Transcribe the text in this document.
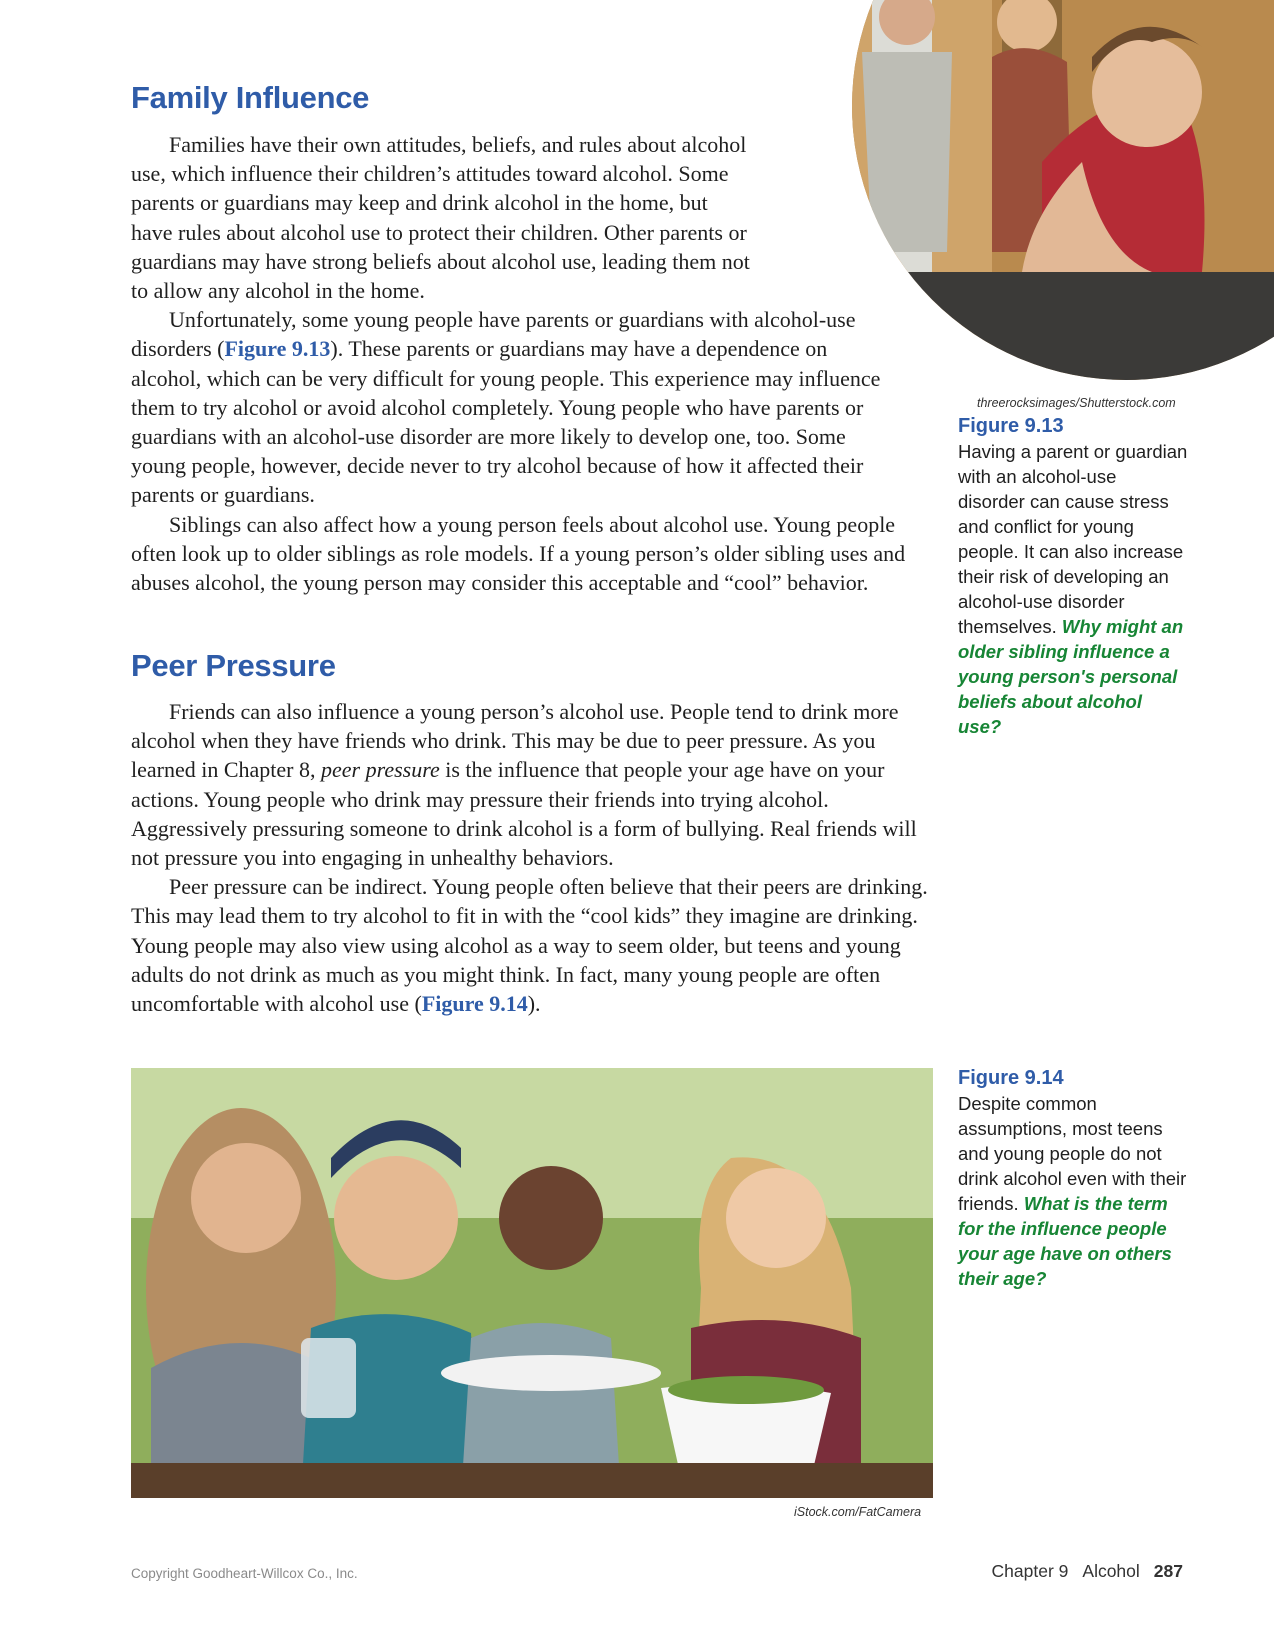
Family Influence

Families have their own attitudes, beliefs, and rules about alcohol use, which influence their children’s attitudes toward alcohol. Some parents or guardians may keep and drink alcohol in the home, but have rules about alcohol use to protect their children. Other parents or guardians may have strong beliefs about alcohol use, leading them not to allow any alcohol in the home.

Unfortunately, some young people have parents or guardians with alcohol-use disorders (Figure 9.13). These parents or guardians may have a dependence on alcohol, which can be very difficult for young people. This experience may influence them to try alcohol or avoid alcohol completely. Young people who have parents or guardians with an alcohol-use disorder are more likely to develop one, too. Some young people, however, decide never to try alcohol because of how it affected their parents or guardians.

Siblings can also affect how a young person feels about alcohol use. Young people often look up to older siblings as role models. If a young person’s older sibling uses and abuses alcohol, the young person may consider this acceptable and “cool” behavior.

Peer Pressure

Friends can also influence a young person’s alcohol use. People tend to drink more alcohol when they have friends who drink. This may be due to peer pressure. As you learned in Chapter 8, peer pressure is the influence that people your age have on your actions. Young people who drink may pressure their friends into trying alcohol. Aggressively pressuring someone to drink alcohol is a form of bullying. Real friends will not pressure you into engaging in unhealthy behaviors.

Peer pressure can be indirect. Young people often believe that their peers are drinking. This may lead them to try alcohol to fit in with the “cool kids” they imagine are drinking. Young people may also view using alcohol as a way to seem older, but teens and young adults do not drink as much as you might think. In fact, many young people are often uncomfortable with alcohol use (Figure 9.14).

threerocksimages/Shutterstock.com
Figure 9.13
Having a parent or guardian with an alcohol-use disorder can cause stress and conflict for young people. It can also increase their risk of developing an alcohol-use disorder themselves. Why might an older sibling influence a young person's personal beliefs about alcohol use?
iStock.com/FatCamera
Figure 9.14
Despite common assumptions, most teens and young people do not drink alcohol even with their friends. What is the term for the influence people your age have on others their age?
Copyright Goodheart-Willcox Co., Inc.	Chapter 9 Alcohol 287
